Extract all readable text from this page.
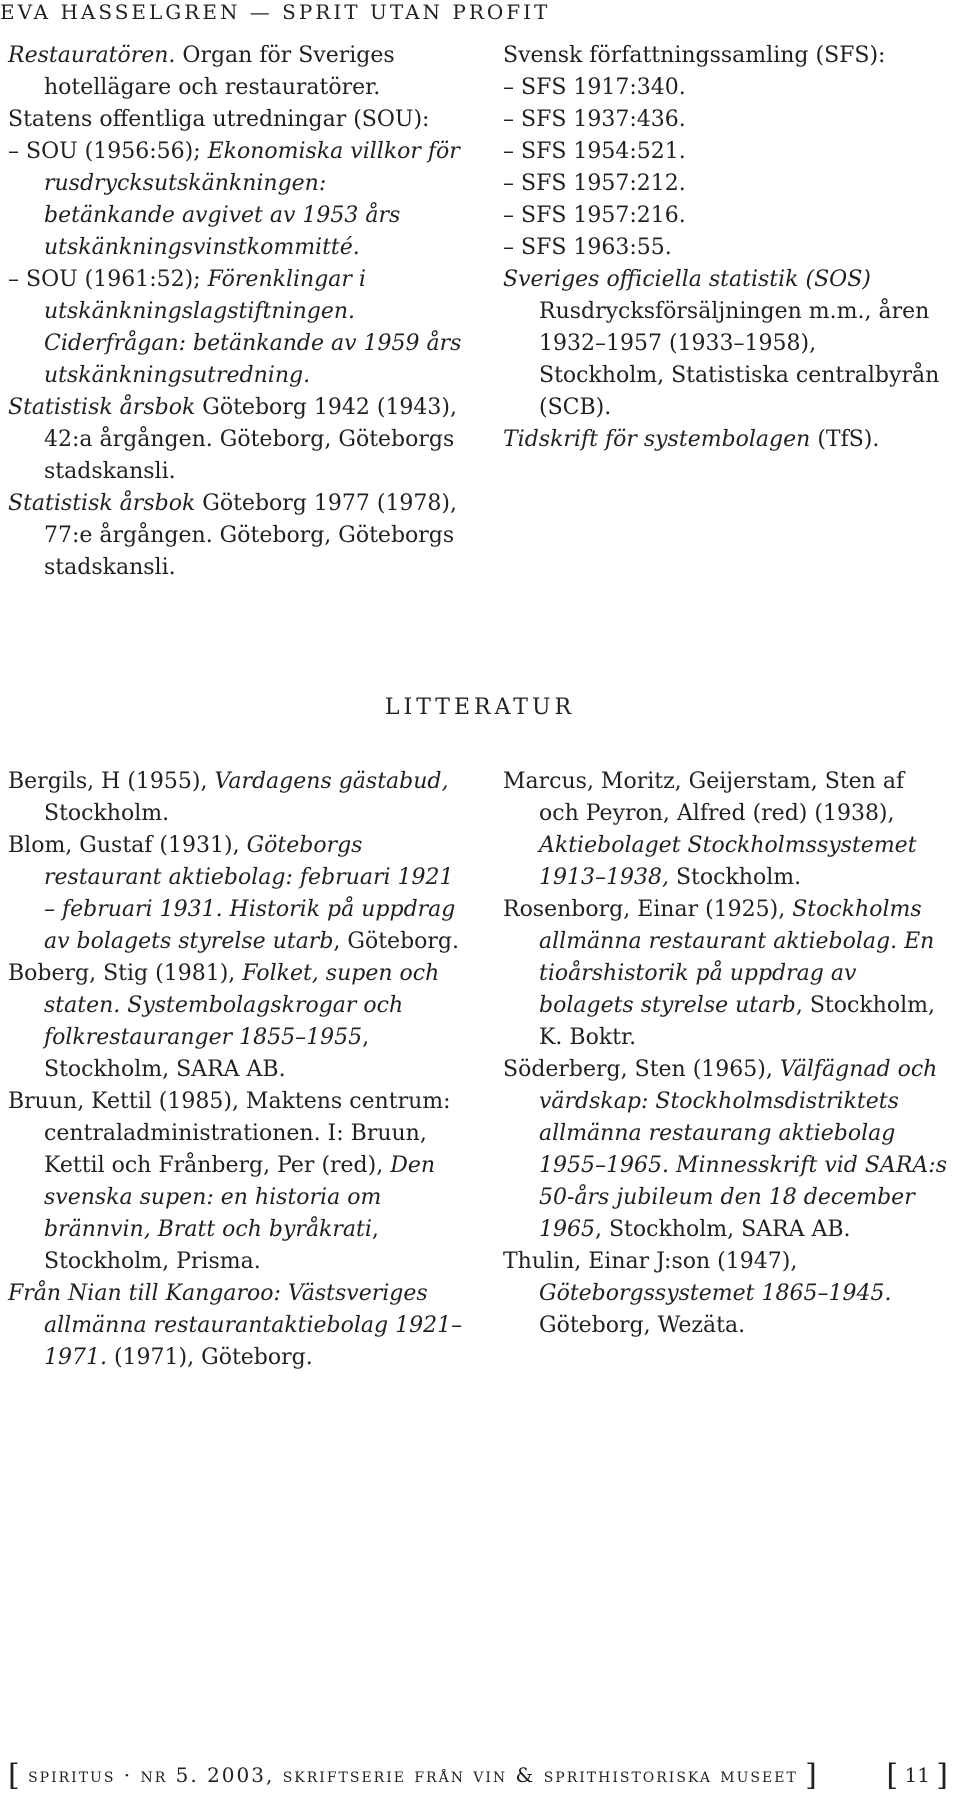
EVA HASSELGREN — SPRIT UTAN PROFIT
Restauratören. Organ för Sveriges hotellägare och restauratörer.
Statens offentliga utredningar (SOU):
– SOU (1956:56); Ekonomiska villkor för rusdrycksutskänkningen: betänkande avgivet av 1953 års utskänkningsvinstkommitté.
– SOU (1961:52); Förenklingar i utskänkningslagstiftningen. Ciderfrågan: betänkande av 1959 års utskänkningsutredning.
Statistisk årsbok Göteborg 1942 (1943), 42:a årgången. Göteborg, Göteborgs stadskansli.
Statistisk årsbok Göteborg 1977 (1978), 77:e årgången. Göteborg, Göteborgs stadskansli.
Svensk författningssamling (SFS):
– SFS 1917:340.
– SFS 1937:436.
– SFS 1954:521.
– SFS 1957:212.
– SFS 1957:216.
– SFS 1963:55.
Sveriges officiella statistik (SOS) Rusdrycksförsäljningen m.m., åren 1932–1957 (1933–1958), Stockholm, Statistiska centralbyrån (SCB).
Tidskrift för systembolagen (TfS).
LITTERATUR
Bergils, H (1955), Vardagens gästabud, Stockholm.
Blom, Gustaf (1931), Göteborgs restaurant aktiebolag: februari 1921 – februari 1931. Historik på uppdrag av bolagets styrelse utarb, Göteborg.
Boberg, Stig (1981), Folket, supen och staten. Systembolagskrogar och folkrestauranger 1855–1955, Stockholm, SARA AB.
Bruun, Kettil (1985), Maktens centrum: centraladministrationen. I: Bruun, Kettil och Frånberg, Per (red), Den svenska supen: en historia om brännvin, Bratt och byråkrati, Stockholm, Prisma.
Från Nian till Kangaroo: Västsveriges allmänna restaurantaktiebolag 1921–1971. (1971), Göteborg.
Marcus, Moritz, Geijerstam, Sten af och Peyron, Alfred (red) (1938), Aktiebolaget Stockholmssystemet 1913–1938, Stockholm.
Rosenborg, Einar (1925), Stockholms allmänna restaurant aktiebolag. En tioårshistorik på uppdrag av bolagets styrelse utarb, Stockholm, K. Boktr.
Söderberg, Sten (1965), Välfägnad och värdskap: Stockholmsdistriktets allmänna restaurang aktiebolag 1955–1965. Minnesskrift vid SARA:s 50-års jubileum den 18 december 1965, Stockholm, SARA AB.
Thulin, Einar J:son (1947), Göteborgssystemet 1865–1945. Göteborg, Wezäta.
[ spiritus · nr 5. 2003, skriftserie från vin & sprithistoriska museet ] [ 11 ]
